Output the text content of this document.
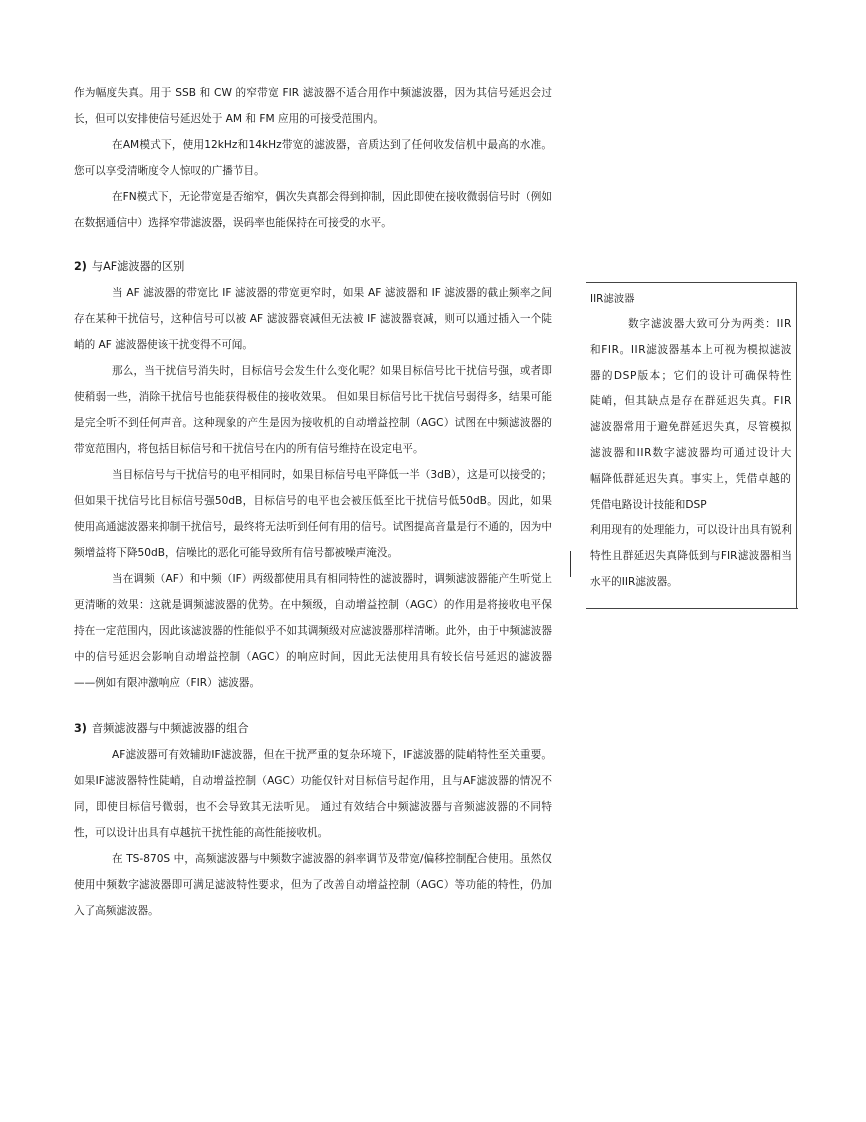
作为幅度失真。用于 SSB 和 CW 的窄带宽 FIR 滤波器不适合用作中频滤波器，因为其信号延迟会过长，但可以安排使信号延迟处于 AM 和 FM 应用的可接受范围内。

在AM模式下，使用12kHz和14kHz带宽的滤波器，音质达到了任何收发信机中最高的水准。您可以享受清晰度令人惊叹的广播节目。

在FN模式下，无论带宽是否缩窄，偶次失真都会得到抑制，因此即使在接收微弱信号时（例如在数据通信中）选择窄带滤波器，误码率也能保持在可接受的水平。

2) 与AF滤波器的区别

当 AF 滤波器的带宽比 IF 滤波器的带宽更窄时，如果 AF 滤波器和 IF 滤波器的截止频率之间存在某种干扰信号，这种信号可以被 AF 滤波器衰减但无法被 IF 滤波器衰减，则可以通过插入一个陡峭的 AF 滤波器使该干扰变得不可闻。

那么，当干扰信号消失时，目标信号会发生什么变化呢？如果目标信号比干扰信号强，或者即使稍弱一些，消除干扰信号也能获得极佳的接收效果。 但如果目标信号比干扰信号弱得多，结果可能是完全听不到任何声音。这种现象的产生是因为接收机的自动增益控制（AGC）试图在中频滤波器的带宽范围内，将包括目标信号和干扰信号在内的所有信号维持在设定电平。

当目标信号与干扰信号的电平相同时，如果目标信号电平降低一半（3dB），这是可以接受的；但如果干扰信号比目标信号强50dB，目标信号的电平也会被压低至比干扰信号低50dB。因此，如果使用高通滤波器来抑制干扰信号，最终将无法听到任何有用的信号。试图提高音量是行不通的，因为中频增益将下降50dB，信噪比的恶化可能导致所有信号都被噪声淹没。

当在调频（AF）和中频（IF）两级都使用具有相同特性的滤波器时，调频滤波器能产生听觉上更清晰的效果：这就是调频滤波器的优势。在中频级，自动增益控制（AGC）的作用是将接收电平保持在一定范围内，因此该滤波器的性能似乎不如其调频级对应滤波器那样清晰。此外，由于中频滤波器中的信号延迟会影响自动增益控制（AGC）的响应时间，因此无法使用具有较长信号延迟的滤波器——例如有限冲激响应（FIR）滤波器。

3) 音频滤波器与中频滤波器的组合

AF滤波器可有效辅助IF滤波器，但在干扰严重的复杂环境下，IF滤波器的陡峭特性至关重要。如果IF滤波器特性陡峭，自动增益控制（AGC）功能仅针对目标信号起作用，且与AF滤波器的情况不同，即使目标信号微弱，也不会导致其无法听见。 通过有效结合中频滤波器与音频滤波器的不同特性，可以设计出具有卓越抗干扰性能的高性能接收机。

在 TS-870S 中，高频滤波器与中频数字滤波器的斜率调节及带宽/偏移控制配合使用。虽然仅使用中频数字滤波器即可满足滤波特性要求，但为了改善自动增益控制（AGC）等功能的特性，仍加入了高频滤波器。

IIR滤波器

数字滤波器大致可分为两类：IIR和FIR。IIR滤波器基本上可视为模拟滤波器的DSP版本；它们的设计可确保特性陡峭，但其缺点是存在群延迟失真。FIR滤波器常用于避免群延迟失真，尽管模拟滤波器和IIR数字滤波器均可通过设计大幅降低群延迟失真。事实上，凭借卓越的

凭借电路设计技能和DSP

利用现有的处理能力，可以设计出具有锐利特性且群延迟失真降低到与FIR滤波器相当水平的IIR滤波器。
